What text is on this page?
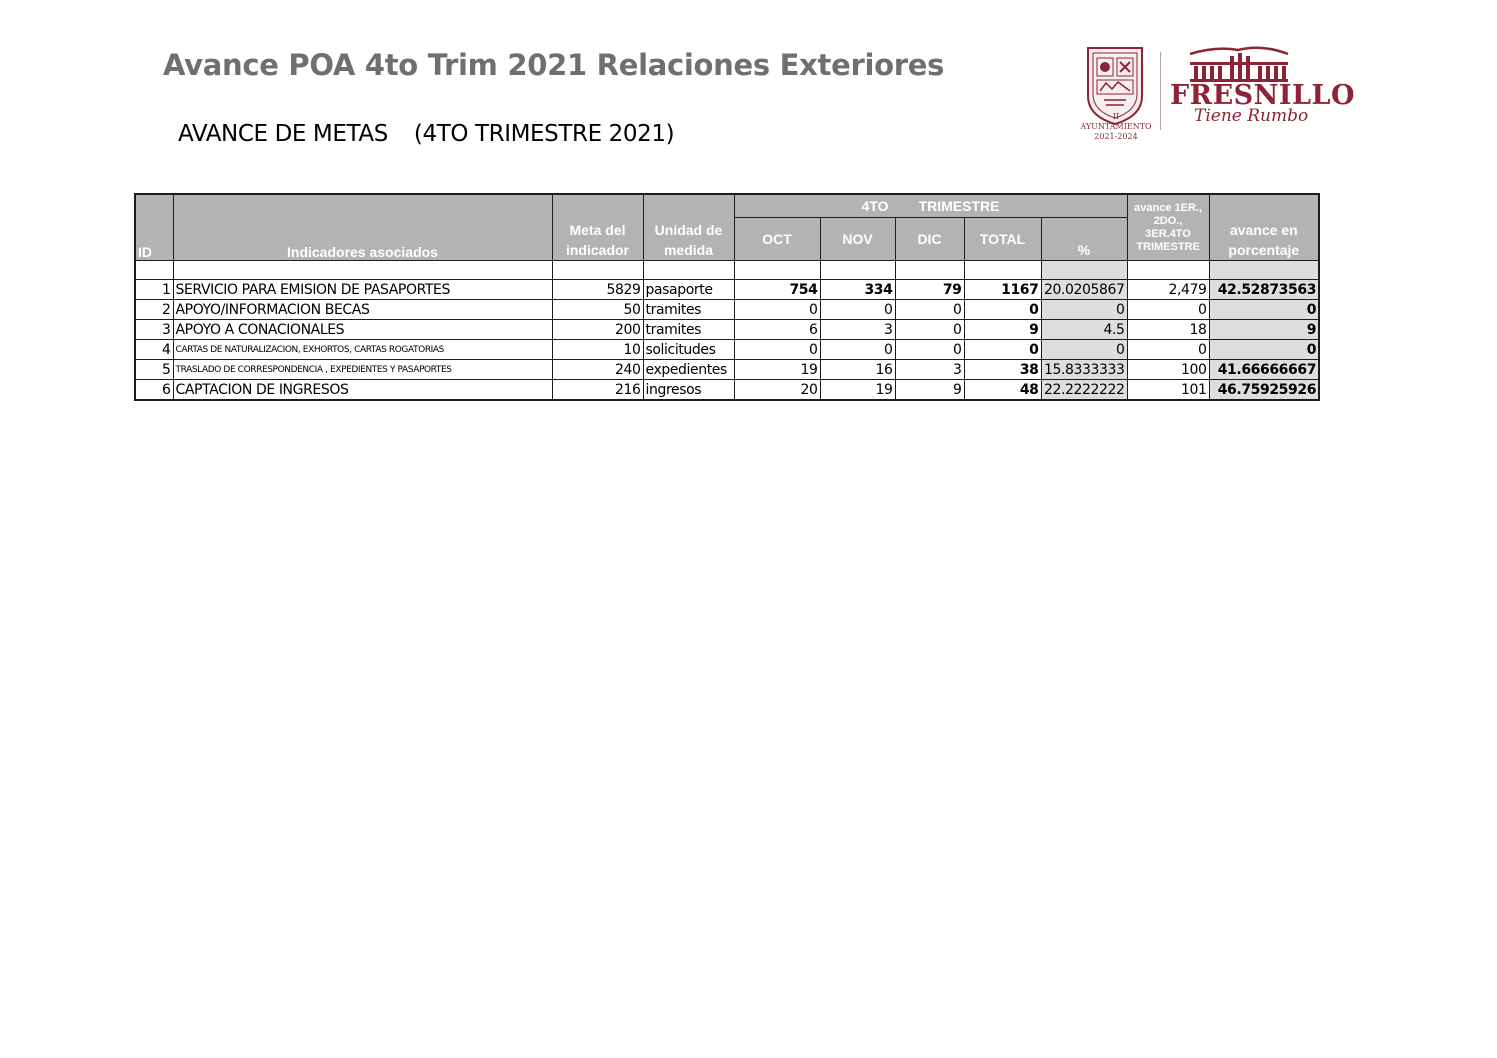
Avance POA 4to Trim 2021 Relaciones Exteriores
AVANCE DE METAS (4TO TRIMESTRE 2021)
II AYUNTAMIENTO
2021-2024
FRESNILLO
Tiene Rumbo
ID	Indicadores asociados	Meta del indicador	Unidad de medida	4TO TRIMESTRE					avance 1ER., 2DO., 3ER.4TO TRIMESTRE	avance en porcentaje
				OCT	NOV	DIC	TOTAL	%		

1	SERVICIO PARA EMISION DE PASAPORTES	5829	pasaporte	754	334	79	1167	20.0205867	2,479	42.52873563
2	APOYO/INFORMACION BECAS	50	tramites	0	0	0	0	0	0	0
3	APOYO A CONACIONALES	200	tramites	6	3	0	9	4.5	18	9
4	CARTAS DE NATURALIZACION, EXHORTOS, CARTAS ROGATORIAS	10	solicitudes	0	0	0	0	0	0	0
5	TRASLADO DE CORRESPONDENCIA , EXPEDIENTES Y PASAPORTES	240	expedientes	19	16	3	38	15.8333333	100	41.66666667
6	CAPTACION DE INGRESOS	216	ingresos	20	19	9	48	22.2222222	101	46.75925926
